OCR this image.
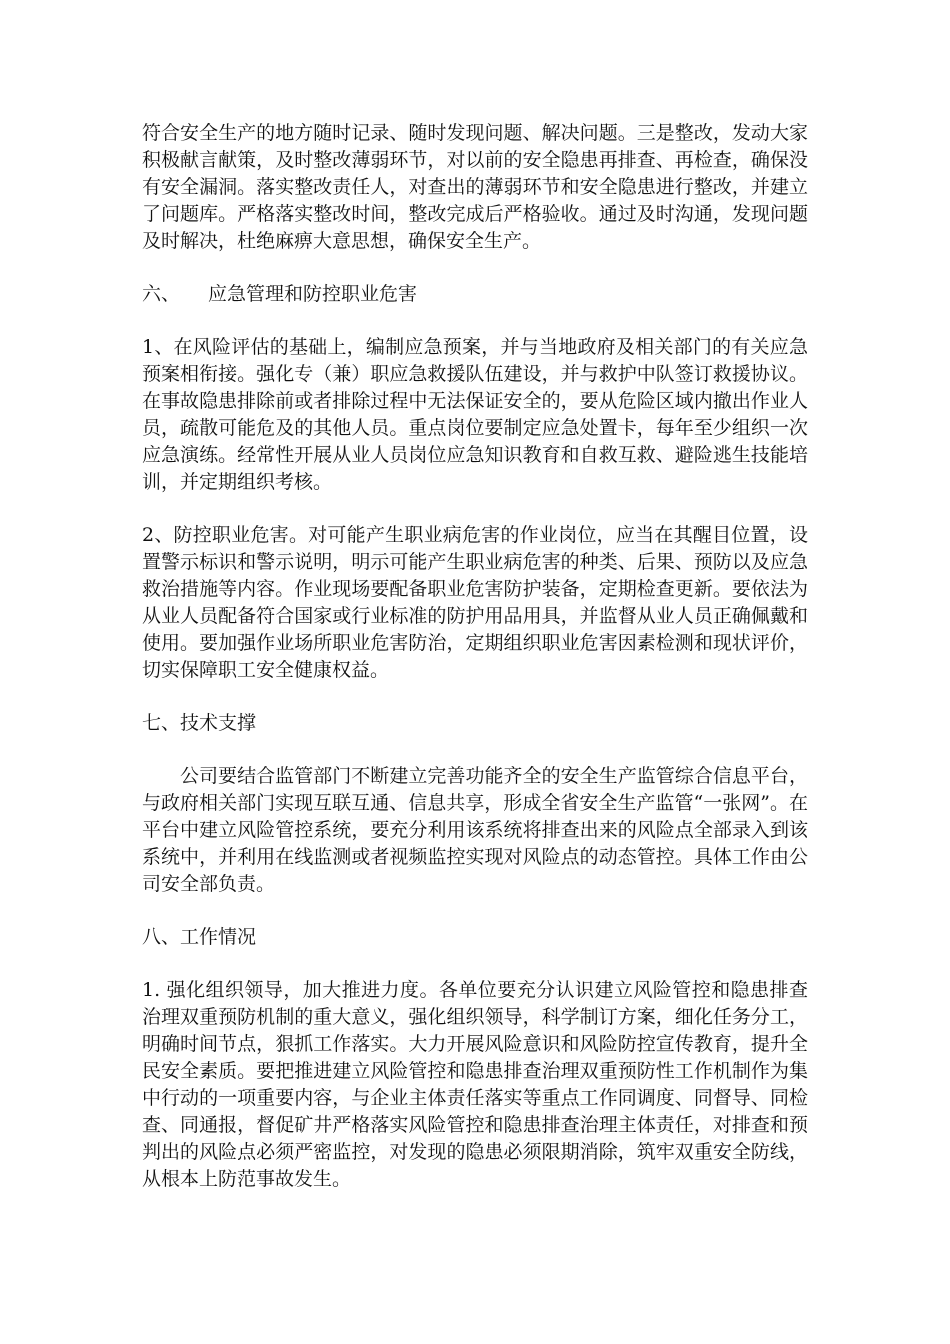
符合安全生产的地方随时记录、随时发现问题、解决问题。三是整改，发动大家积极献言献策，及时整改薄弱环节，对以前的安全隐患再排查、再检查，确保没有安全漏洞。落实整改责任人，对查出的薄弱环节和安全隐患进行整改，并建立了问题库。严格落实整改时间，整改完成后严格验收。通过及时沟通，发现问题及时解决，杜绝麻痹大意思想，确保安全生产。

六、 应急管理和防控职业危害

1、在风险评估的基础上，编制应急预案，并与当地政府及相关部门的有关应急预案相衔接。强化专（兼）职应急救援队伍建设，并与救护中队签订救援协议。在事故隐患排除前或者排除过程中无法保证安全的，要从危险区域内撤出作业人员，疏散可能危及的其他人员。重点岗位要制定应急处置卡，每年至少组织一次应急演练。经常性开展从业人员岗位应急知识教育和自救互救、避险逃生技能培训，并定期组织考核。

2、防控职业危害。对可能产生职业病危害的作业岗位，应当在其醒目位置，设置警示标识和警示说明，明示可能产生职业病危害的种类、后果、预防以及应急救治措施等内容。作业现场要配备职业危害防护装备，定期检查更新。要依法为从业人员配备符合国家或行业标准的防护用品用具，并监督从业人员正确佩戴和使用。要加强作业场所职业危害防治，定期组织职业危害因素检测和现状评价，切实保障职工安全健康权益。

七、技术支撑

公司要结合监管部门不断建立完善功能齐全的安全生产监管综合信息平台，与政府相关部门实现互联互通、信息共享，形成全省安全生产监管“一张网”。在平台中建立风险管控系统，要充分利用该系统将排查出来的风险点全部录入到该系统中，并利用在线监测或者视频监控实现对风险点的动态管控。具体工作由公司安全部负责。

八、工作情况

1. 强化组织领导，加大推进力度。各单位要充分认识建立风险管控和隐患排查治理双重预防机制的重大意义，强化组织领导，科学制订方案，细化任务分工，明确时间节点，狠抓工作落实。大力开展风险意识和风险防控宣传教育，提升全民安全素质。要把推进建立风险管控和隐患排查治理双重预防性工作机制作为集中行动的一项重要内容，与企业主体责任落实等重点工作同调度、同督导、同检查、同通报，督促矿井严格落实风险管控和隐患排查治理主体责任，对排查和预判出的风险点必须严密监控，对发现的隐患必须限期消除，筑牢双重安全防线，从根本上防范事故发生。
